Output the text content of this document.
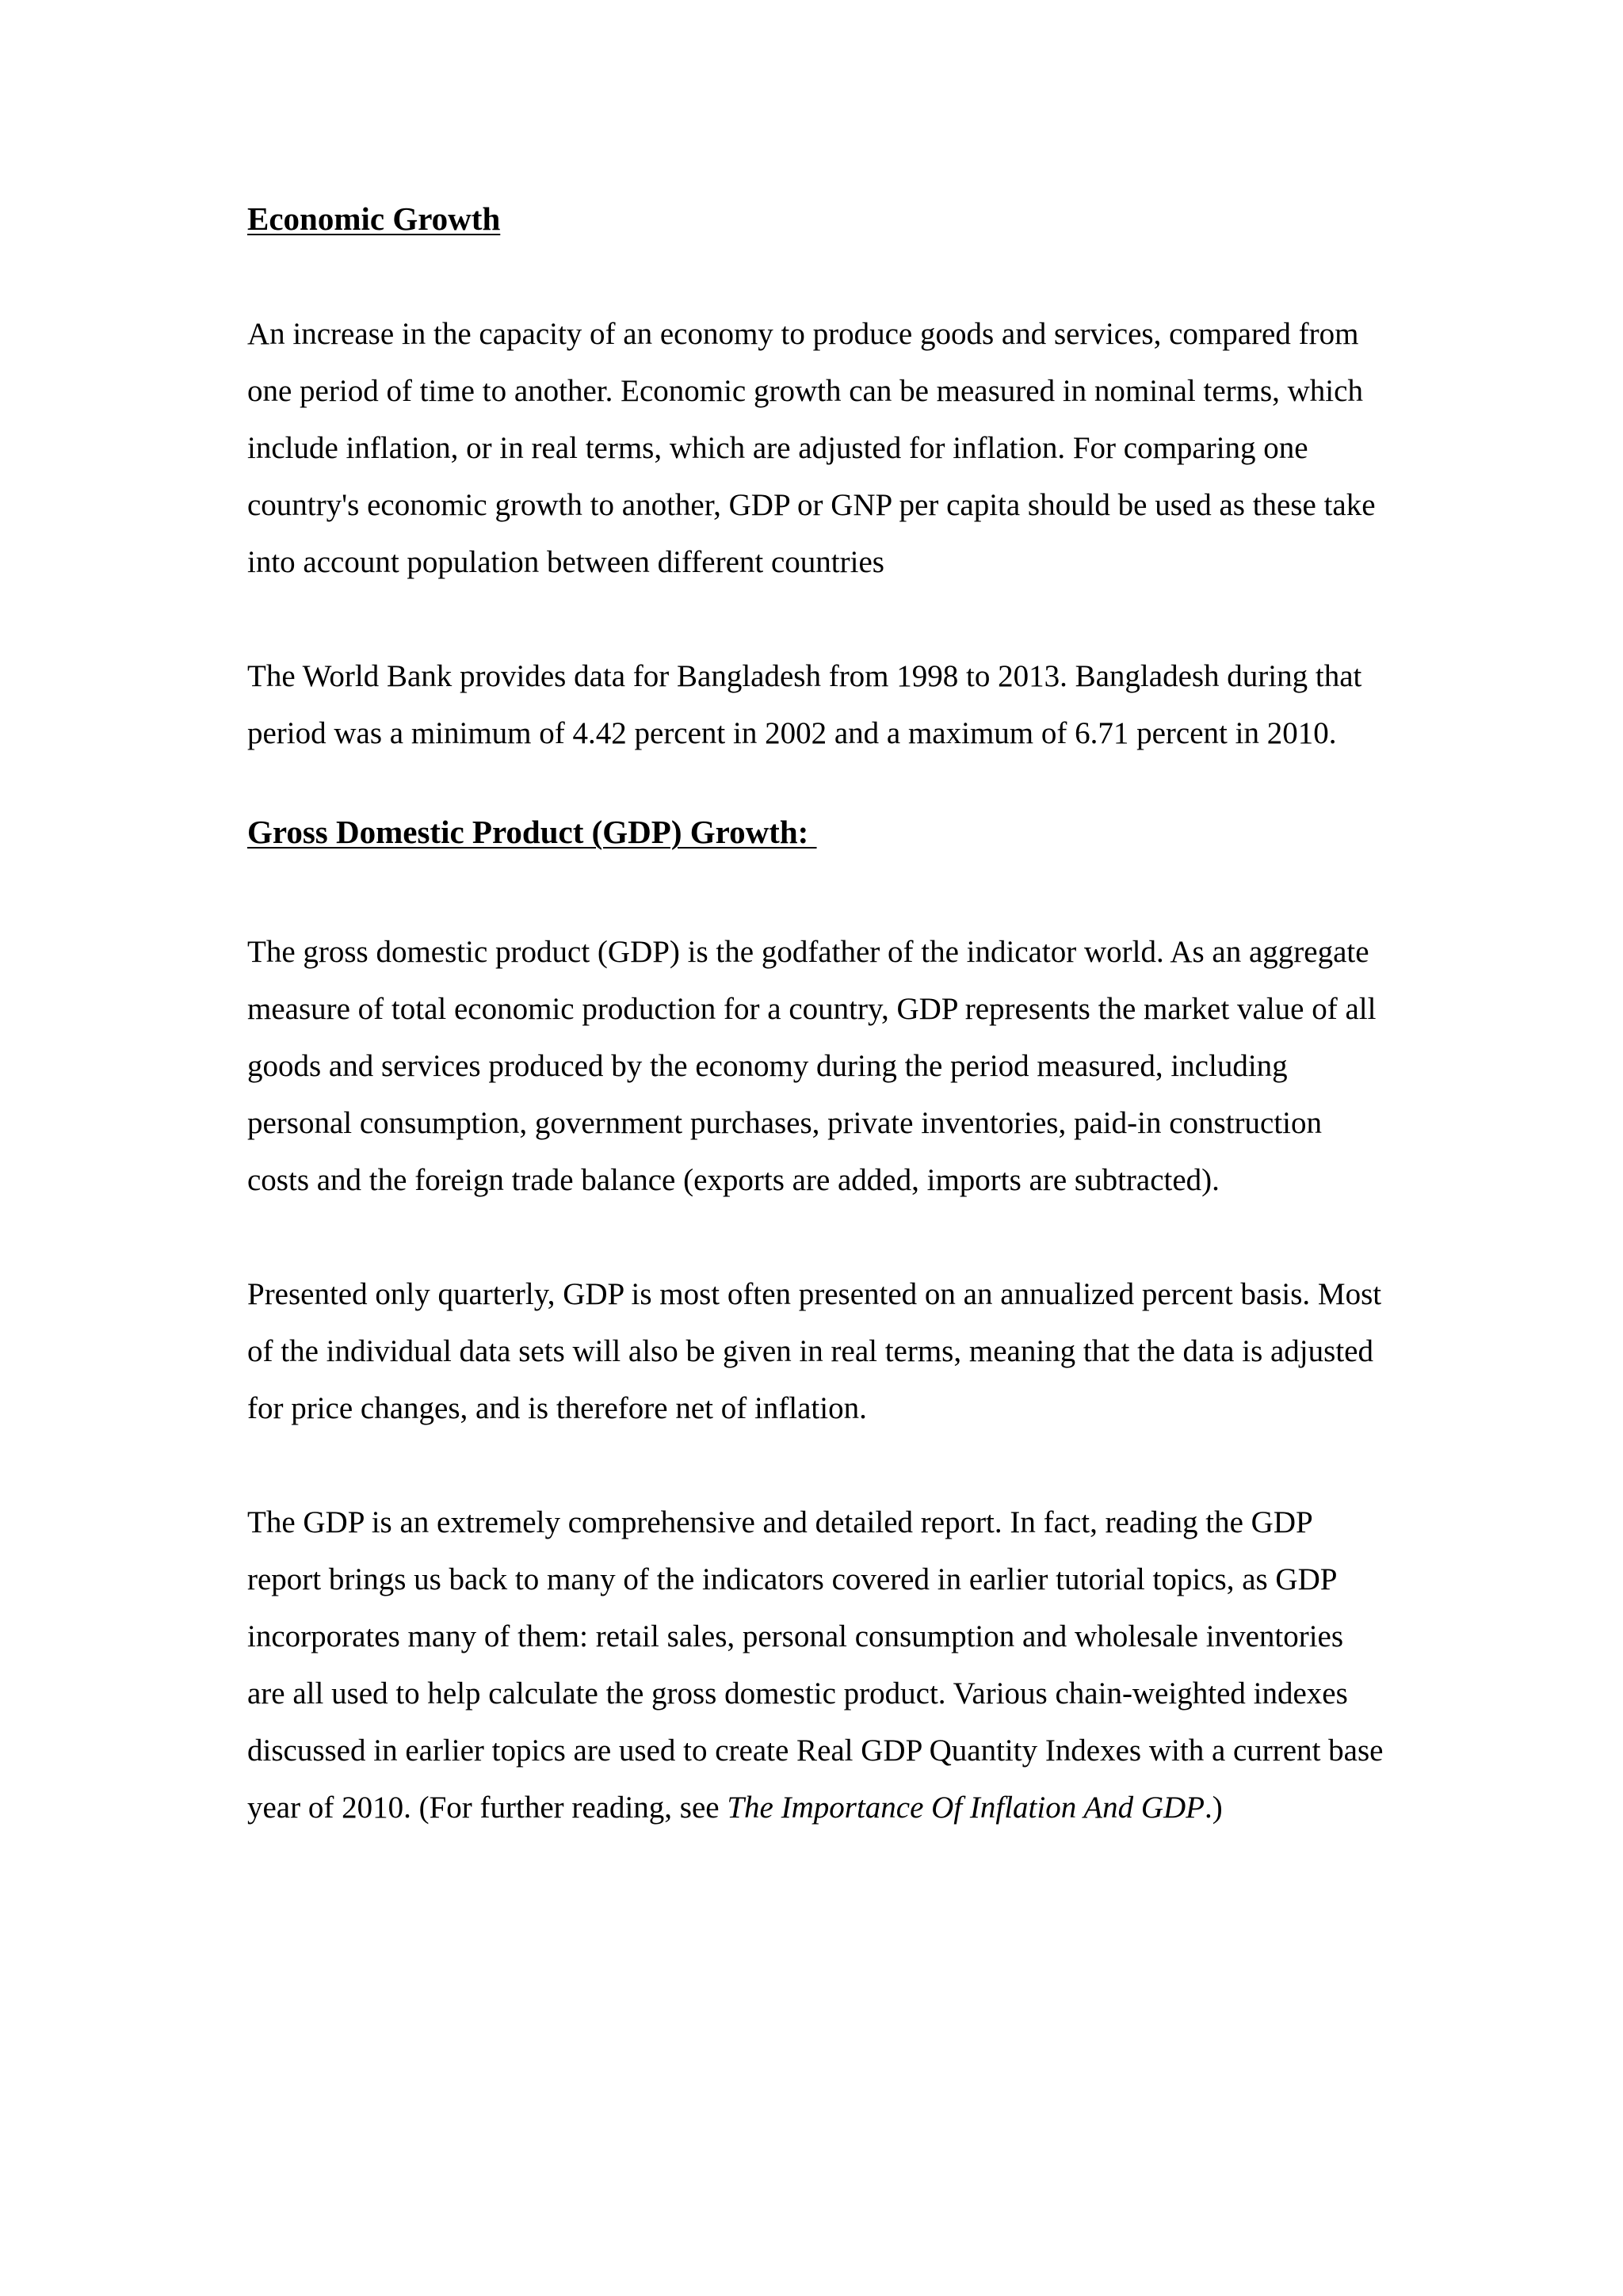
Economic Growth

An increase in the capacity of an economy to produce goods and services, compared from one period of time to another. Economic growth can be measured in nominal terms, which include inflation, or in real terms, which are adjusted for inflation. For comparing one country's economic growth to another, GDP or GNP per capita should be used as these take into account population between different countries

The World Bank provides data for Bangladesh from 1998 to 2013. Bangladesh during that period was a minimum of 4.42 percent in 2002 and a maximum of 6.71 percent in 2010.

Gross Domestic Product (GDP) Growth:

The gross domestic product (GDP) is the godfather of the indicator world. As an aggregate measure of total economic production for a country, GDP represents the market value of all goods and services produced by the economy during the period measured, including personal consumption, government purchases, private inventories, paid-in construction costs and the foreign trade balance (exports are added, imports are subtracted).

Presented only quarterly, GDP is most often presented on an annualized percent basis. Most of the individual data sets will also be given in real terms, meaning that the data is adjusted for price changes, and is therefore net of inflation.

The GDP is an extremely comprehensive and detailed report. In fact, reading the GDP report brings us back to many of the indicators covered in earlier tutorial topics, as GDP incorporates many of them: retail sales, personal consumption and wholesale inventories are all used to help calculate the gross domestic product. Various chain-weighted indexes discussed in earlier topics are used to create Real GDP Quantity Indexes with a current base year of 2010. (For further reading, see The Importance Of Inflation And GDP.)
